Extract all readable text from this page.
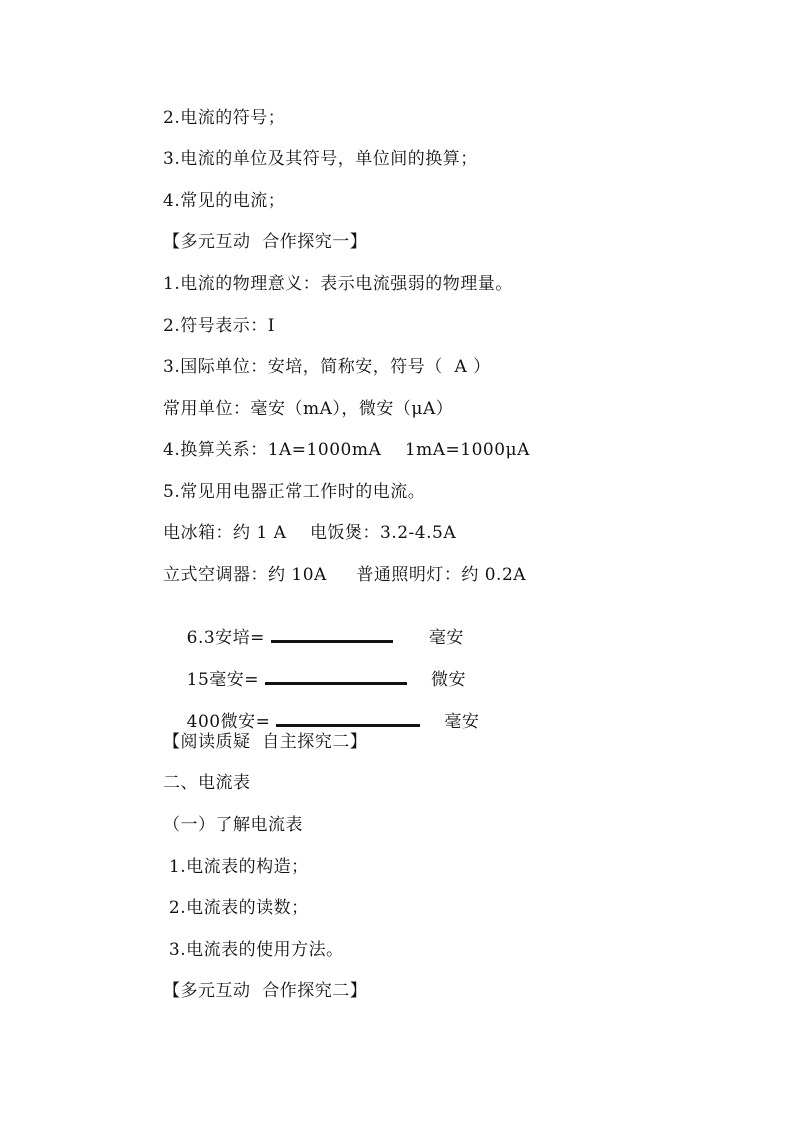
2.电流的符号；
3.电流的单位及其符号，单位间的换算；
4.常见的电流；
【多元互动  合作探究一】
1.电流的物理意义：表示电流强弱的物理量。
2.符号表示：I
3.国际单位：安培，简称安，符号（  A ）
常用单位：毫安（mA），微安（μA）
4.换算关系：1A=1000mA    1mA=1000μA
5.常见用电器正常工作时的电流。
电冰箱：约 1 A    电饭煲：3.2-4.5A
立式空调器：约 10A     普通照明灯：约 0.2A

6.3安培=	毫安

15毫安=	微安

400微安=	毫安

【阅读质疑  自主探究二】
二、电流表
（一）了解电流表
1.电流表的构造；
2.电流表的读数；
3.电流表的使用方法。
【多元互动  合作探究二】
